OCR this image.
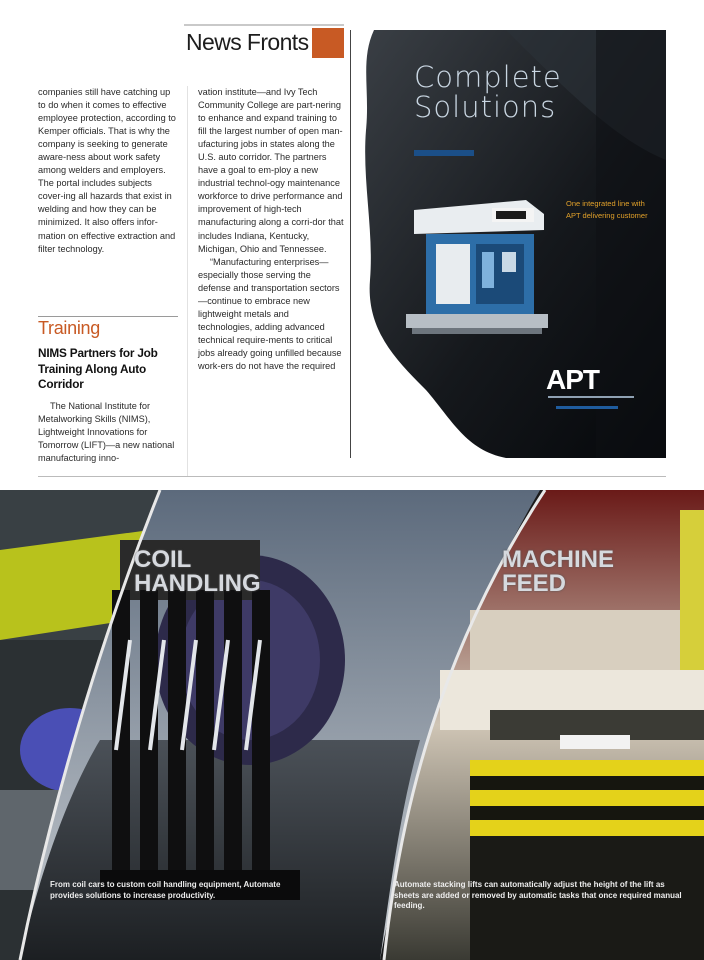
News Fronts

companies still have catching up to do when it comes to effective employee protection, according to Kemper officials. That is why the company is seeking to generate aware-ness about work safety among welders and employers. The portal includes subjects cover-ing all hazards that exist in welding and how they can be minimized. It also offers infor-mation on effective extraction and filter technology.

Training
NIMS Partners for Job Training Along Auto Corridor

The National Institute for Metalworking Skills (NIMS), Lightweight Innovations for Tomorrow (LIFT)—a new national manufacturing inno-

vation institute—and Ivy Tech Community College are part-nering to enhance and expand training to fill the largest number of open man-ufacturing jobs in states along the U.S. auto corridor. The partners have a goal to em-ploy a new industrial technol-ogy maintenance workforce to drive performance and improvement of high-tech manufacturing along a corri-dor that includes Indiana, Kentucky, Michigan, Ohio and Tennessee.

“Manufacturing enterprises—especially those serving the defense and transportation sectors—continue to embrace new lightweight metals and technologies, adding advanced technical require-ments to critical jobs already going unfilled because work-ers do not have the required

Complete Solutions
One integrated line with APT delivering customer
APT
COIL HANDLING
MACHINE FEED
From coil cars to custom coil handling equipment, Automate provides solutions to increase productivity.
Automate stacking lifts can automatically adjust the height of the lift as sheets are added or removed by automatic tasks that once required manual feeding.
